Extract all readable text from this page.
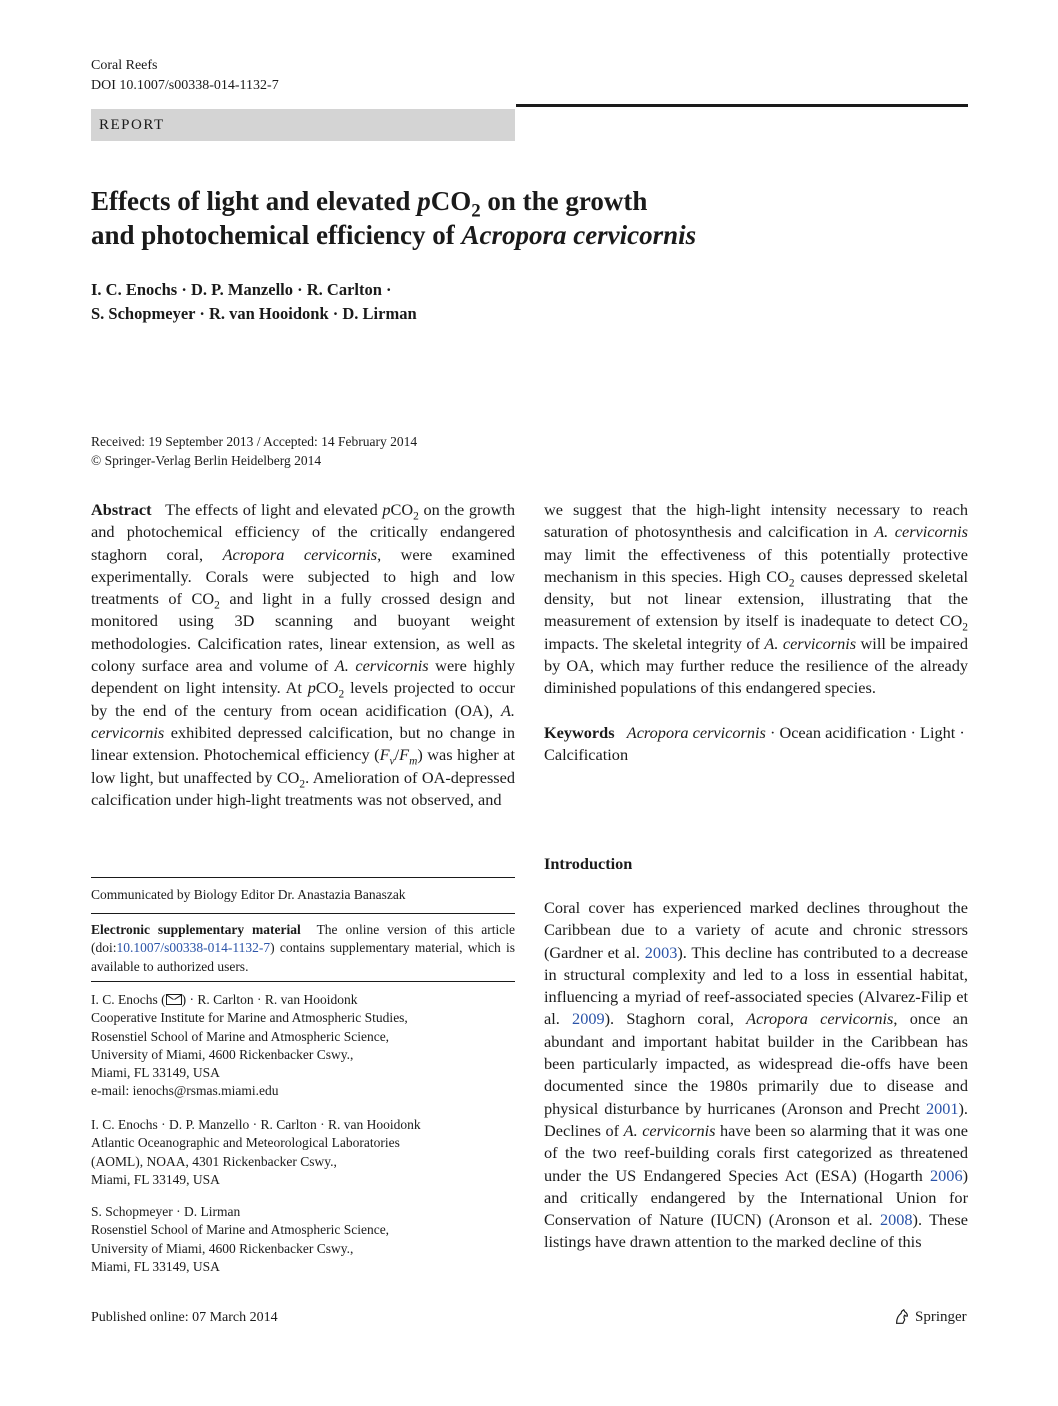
Coral Reefs
DOI 10.1007/s00338-014-1132-7
REPORT
Effects of light and elevated pCO$_2$ on the growth
and photochemical efficiency of Acropora cervicornis
I. C. Enochs · D. P. Manzello · R. Carlton ·
S. Schopmeyer · R. van Hooidonk · D. Lirman
Received: 19 September 2013 / Accepted: 14 February 2014
© Springer-Verlag Berlin Heidelberg 2014
Abstract The effects of light and elevated pCO$_2$ on the growth and photochemical efficiency of the critically endangered staghorn coral, Acropora cervicornis, were examined experimentally. Corals were subjected to high and low treatments of $CO_2$ and light in a fully crossed design and monitored using 3D scanning and buoyant weight methodologies. Calcification rates, linear extension, as well as colony surface area and volume of A. cervicornis were highly dependent on light intensity. At pCO$_2$ levels projected to occur by the end of the century from ocean acidification (OA), A. cervicornis exhibited depressed calcification, but no change in linear extension. Photochemical efficiency $(F_v/F_m)$ was higher at low light, but unaffected by $CO_2$. Amelioration of OA-depressed calcification under high-light treatments was not observed, and
we suggest that the high-light intensity necessary to reach saturation of photosynthesis and calcification in A. cervicornis may limit the effectiveness of this potentially protective mechanism in this species. High $CO_2$ causes depressed skeletal density, but not linear extension, illustrating that the measurement of extension by itself is inadequate to detect $CO_2$ impacts. The skeletal integrity of A. cervicornis will be impaired by OA, which may further reduce the resilience of the already diminished populations of this endangered species.
Keywords Acropora cervicornis · Ocean acidification · Light · Calcification
Introduction
Coral cover has experienced marked declines throughout the Caribbean due to a variety of acute and chronic stressors (Gardner et al. 2003). This decline has contributed to a decrease in structural complexity and led to a loss in essential habitat, influencing a myriad of reef-associated species (Alvarez-Filip et al. 2009). Staghorn coral, Acropora cervicornis, once an abundant and important habitat builder in the Caribbean has been particularly impacted, as widespread die-offs have been documented since the 1980s primarily due to disease and physical disturbance by hurricanes (Aronson and Precht 2001). Declines of A. cervicornis have been so alarming that it was one of the two reef-building corals first categorized as threatened under the US Endangered Species Act (ESA) (Hogarth 2006) and critically endangered by the International Union for Conservation of Nature (IUCN) (Aronson et al. 2008). These listings have drawn attention to the marked decline of this
Communicated by Biology Editor Dr. Anastazia Banaszak
Electronic supplementary material The online version of this article (doi:10.1007/s00338-014-1132-7) contains supplementary material, which is available to authorized users.
I. C. Enochs ( ) · R. Carlton · R. van Hooidonk
Cooperative Institute for Marine and Atmospheric Studies,
Rosenstiel School of Marine and Atmospheric Science,
University of Miami, 4600 Rickenbacker Cswy.,
Miami, FL 33149, USA
e-mail: ienochs@rsmas.miami.edu
I. C. Enochs · D. P. Manzello · R. Carlton · R. van Hooidonk
Atlantic Oceanographic and Meteorological Laboratories
(AOML), NOAA, 4301 Rickenbacker Cswy.,
Miami, FL 33149, USA
S. Schopmeyer · D. Lirman
Rosenstiel School of Marine and Atmospheric Science,
University of Miami, 4600 Rickenbacker Cswy.,
Miami, FL 33149, USA
Published online: 07 March 2014	Springer
